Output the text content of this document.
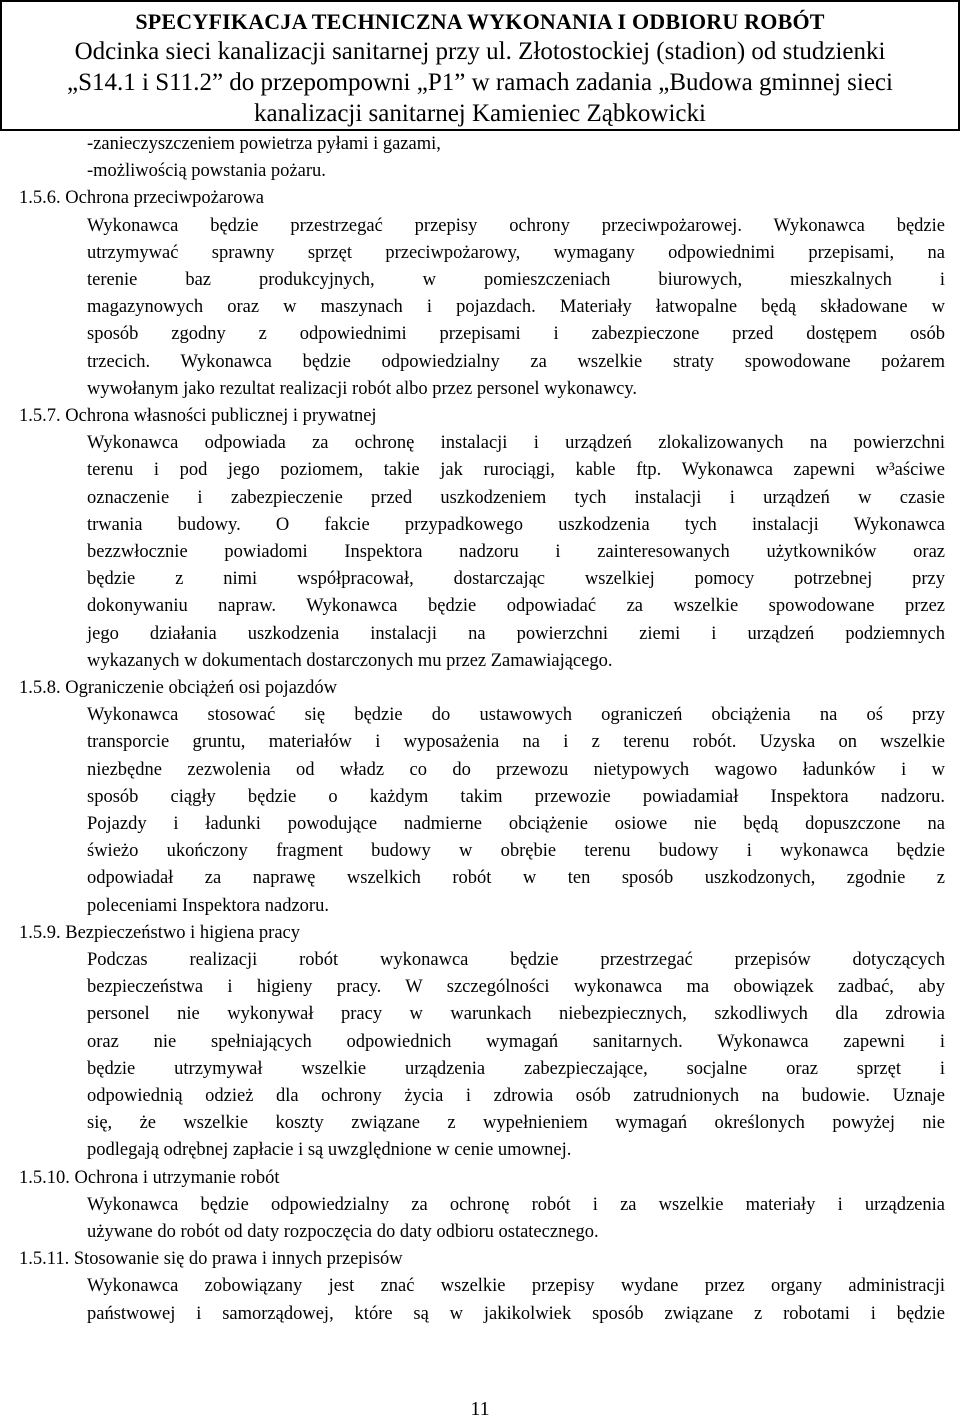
SPECYFIKACJA TECHNICZNA WYKONANIA I ODBIORU ROBÓT
Odcinka sieci kanalizacji sanitarnej przy ul. Złotostockiej (stadion) od studzienki
„S14.1 i S11.2” do przepompowni „P1” w ramach zadania „Budowa gminnej sieci
kanalizacji sanitarnej Kamieniec Ząbkowicki
-zanieczyszczeniem powietrza pyłami i gazami,
-możliwością powstania pożaru.
1.5.6. Ochrona przeciwpożarowa
Wykonawca będzie przestrzegać przepisy ochrony przeciwpożarowej. Wykonawca będzie
utrzymywać sprawny sprzęt przeciwpożarowy, wymagany odpowiednimi przepisami, na
terenie baz produkcyjnych, w pomieszczeniach biurowych, mieszkalnych i
magazynowych oraz w maszynach i pojazdach. Materiały łatwopalne będą składowane w
sposób zgodny z odpowiednimi przepisami i zabezpieczone przed dostępem osób
trzecich. Wykonawca będzie odpowiedzialny za wszelkie straty spowodowane pożarem
wywołanym jako rezultat realizacji robót albo przez personel wykonawcy.
1.5.7. Ochrona własności publicznej i prywatnej
Wykonawca odpowiada za ochronę instalacji i urządzeń zlokalizowanych na powierzchni
terenu i pod jego poziomem, takie jak rurociągi, kable ftp. Wykonawca zapewni w³aściwe
oznaczenie i zabezpieczenie przed uszkodzeniem tych instalacji i urządzeń w czasie
trwania budowy. O fakcie przypadkowego uszkodzenia tych instalacji Wykonawca
bezzwłocznie powiadomi Inspektora nadzoru i zainteresowanych użytkowników oraz
będzie z nimi współpracował, dostarczając wszelkiej pomocy potrzebnej przy
dokonywaniu napraw. Wykonawca będzie odpowiadać za wszelkie spowodowane przez
jego działania uszkodzenia instalacji na powierzchni ziemi i urządzeń podziemnych
wykazanych w dokumentach dostarczonych mu przez Zamawiającego.
1.5.8. Ograniczenie obciążeń osi pojazdów
Wykonawca stosować się będzie do ustawowych ograniczeń obciążenia na oś przy
transporcie gruntu, materiałów i wyposażenia na i z terenu robót. Uzyska on wszelkie
niezbędne zezwolenia od władz co do przewozu nietypowych wagowo ładunków i w
sposób ciągły będzie o każdym takim przewozie powiadamiał Inspektora nadzoru.
Pojazdy i ładunki powodujące nadmierne obciążenie osiowe nie będą dopuszczone na
świeżo ukończony fragment budowy w obrębie terenu budowy i wykonawca będzie
odpowiadał za naprawę wszelkich robót w ten sposób uszkodzonych, zgodnie z
poleceniami Inspektora nadzoru.
1.5.9. Bezpieczeństwo i higiena pracy
Podczas realizacji robót wykonawca będzie przestrzegać przepisów dotyczących
bezpieczeństwa i higieny pracy. W szczególności wykonawca ma obowiązek zadbać, aby
personel nie wykonywał pracy w warunkach niebezpiecznych, szkodliwych dla zdrowia
oraz nie spełniających odpowiednich wymagań sanitarnych. Wykonawca zapewni i
będzie utrzymywał wszelkie urządzenia zabezpieczające, socjalne oraz sprzęt i
odpowiednią odzież dla ochrony życia i zdrowia osób zatrudnionych na budowie. Uznaje
się, że wszelkie koszty związane z wypełnieniem wymagań określonych powyżej nie
podlegają odrębnej zapłacie i są uwzględnione w cenie umownej.
1.5.10. Ochrona i utrzymanie robót
Wykonawca będzie odpowiedzialny za ochronę robót i za wszelkie materiały i urządzenia
używane do robót od daty rozpoczęcia do daty odbioru ostatecznego.
1.5.11. Stosowanie się do prawa i innych przepisów
Wykonawca zobowiązany jest znać wszelkie przepisy wydane przez organy administracji
państwowej i samorządowej, które są w jakikolwiek sposób związane z robotami i będzie
11
